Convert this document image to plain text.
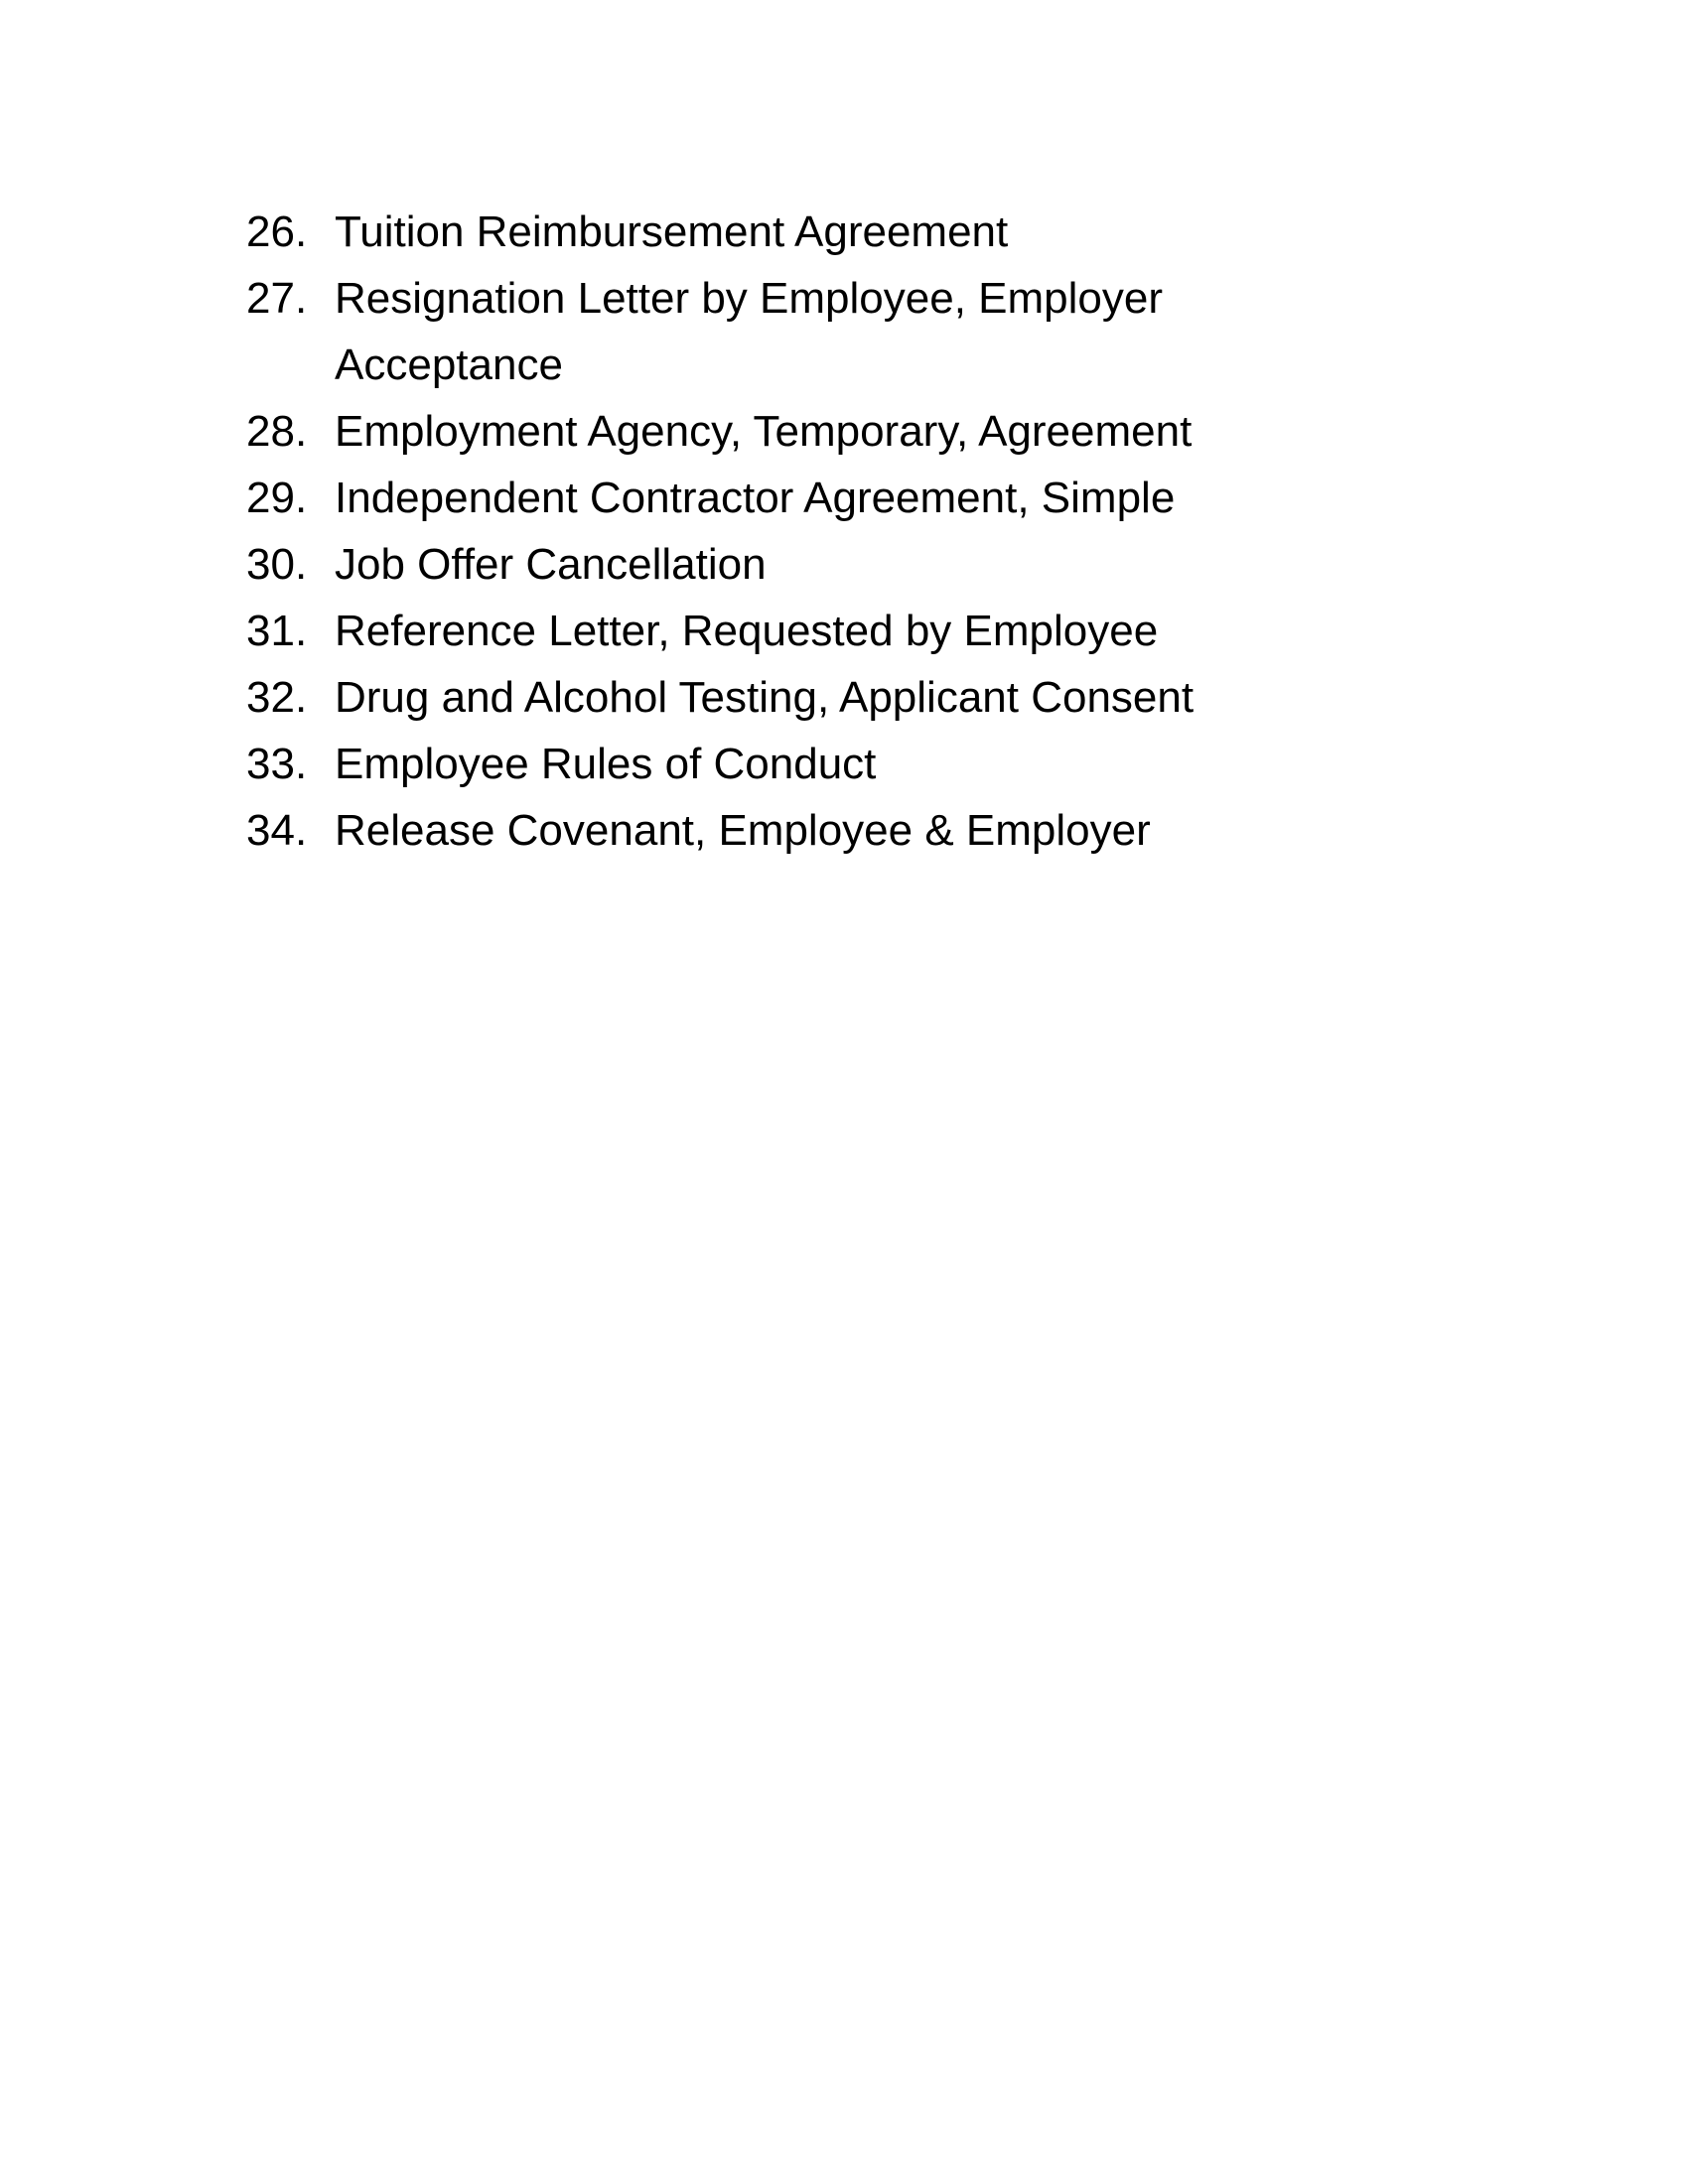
26. Tuition Reimbursement Agreement
27. Resignation Letter by Employee, Employer Acceptance
28. Employment Agency, Temporary, Agreement
29. Independent Contractor Agreement, Simple
30. Job Offer Cancellation
31. Reference Letter, Requested by Employee
32. Drug and Alcohol Testing, Applicant Consent
33. Employee Rules of Conduct
34. Release Covenant, Employee & Employer
